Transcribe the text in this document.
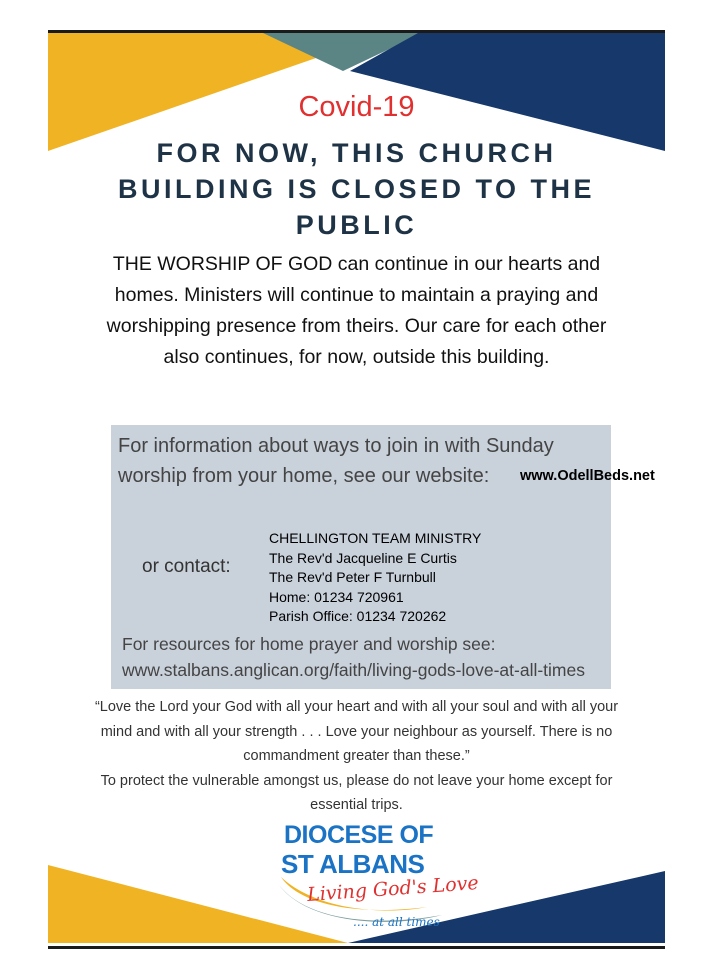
Covid-19
FOR NOW, THIS CHURCH BUILDING IS CLOSED TO THE PUBLIC
THE WORSHIP OF GOD can continue in our hearts and homes. Ministers will continue to maintain a praying and worshipping presence from theirs. Our care for each other also continues, for now, outside this building.
For information about ways to join in with Sunday worship from your home, see our website:	www.OdellBeds.net
or contact:
CHELLINGTON TEAM MINISTRY
The Rev'd Jacqueline E Curtis
The Rev'd Peter F Turnbull
Home: 01234 720961
Parish Office: 01234 720262
For resources for home prayer and worship see:
www.stalbans.anglican.org/faith/living-gods-love-at-all-times
“Love the Lord your God with all your heart and with all your soul and with all your mind and with all your strength . . . Love your neighbour as yourself. There is no commandment greater than these.”
To protect the vulnerable amongst us, please do not leave your home except for essential trips.
DIOCESE OF
ST ALBANS
Living God's Love
.... at all times
